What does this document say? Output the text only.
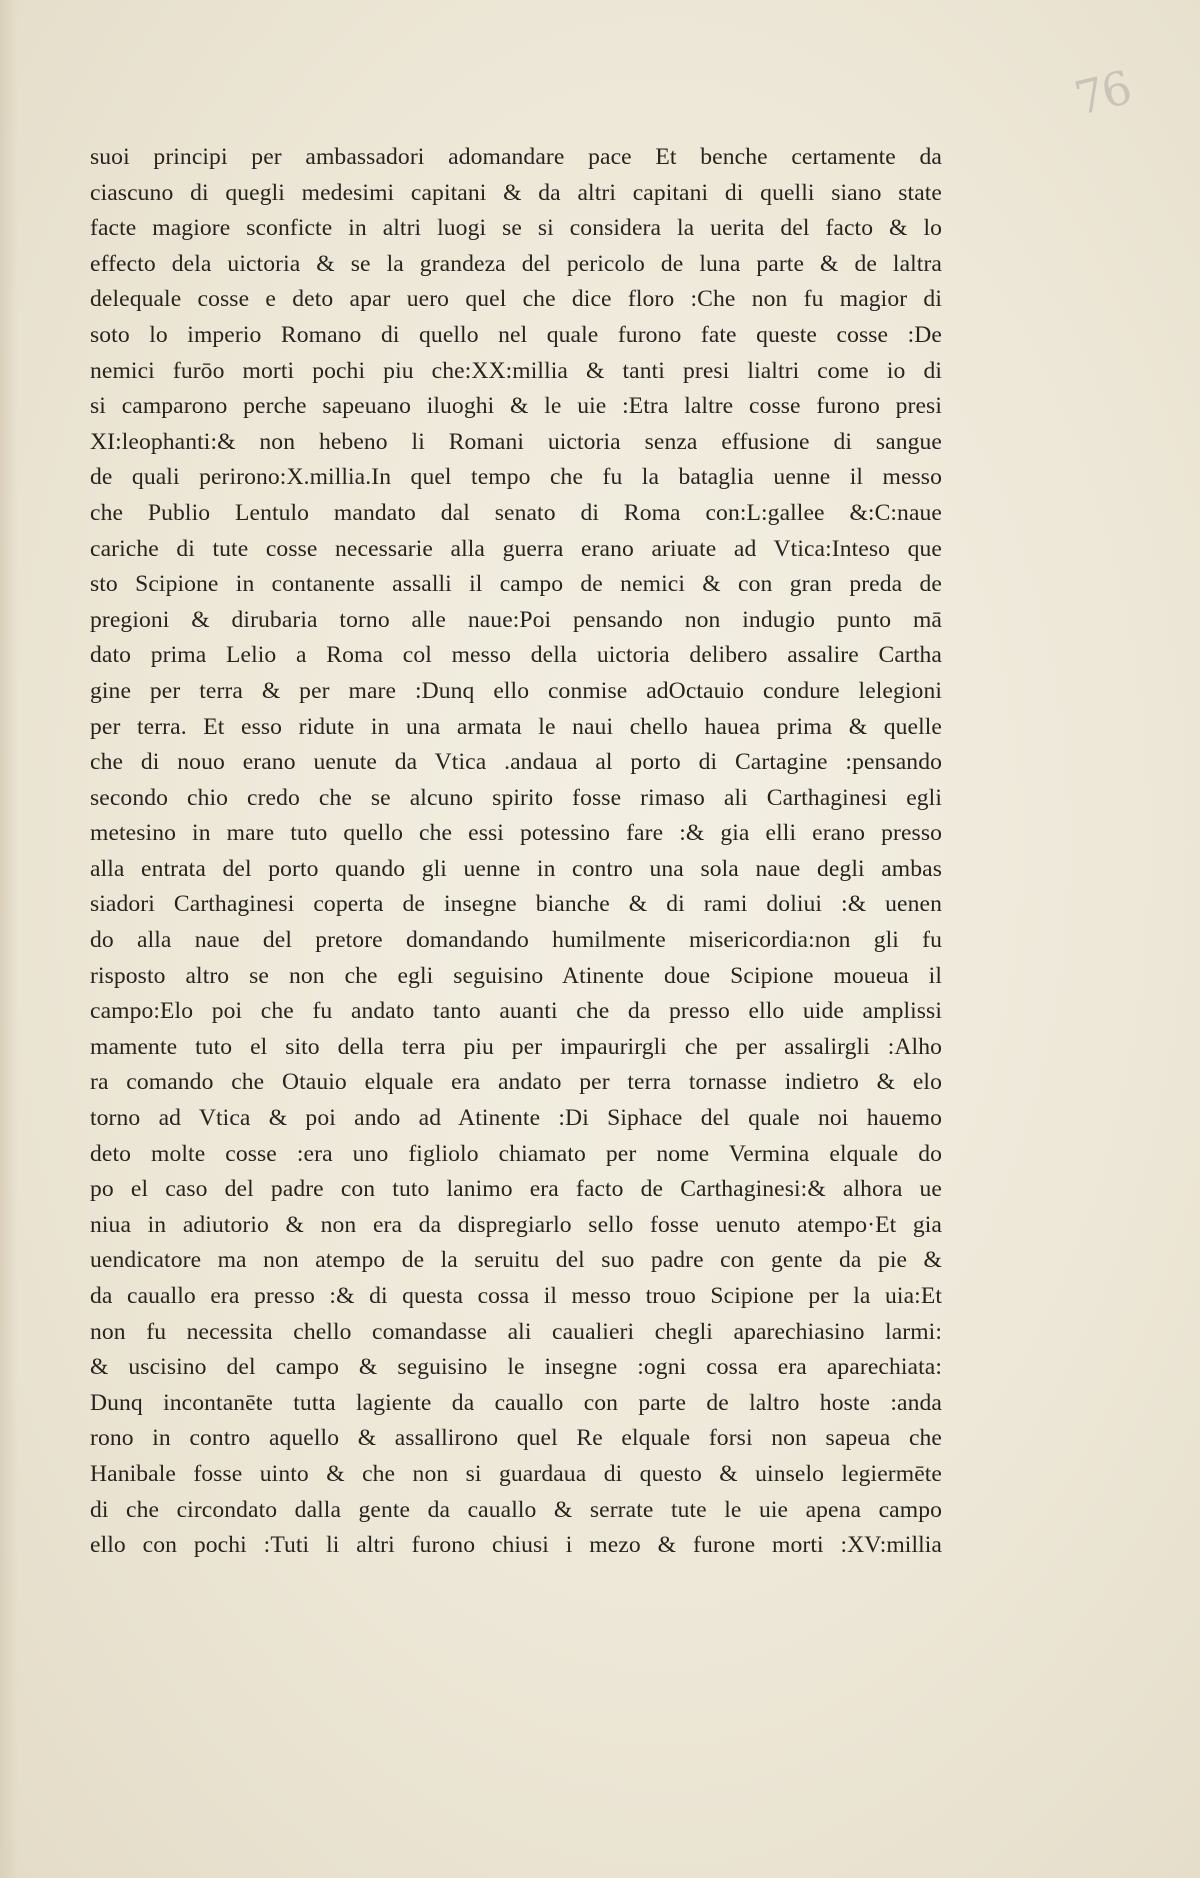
76
suoi principi per ambassadori adomandare pace Et benche certamente da
ciascuno di quegli medesimi capitani & da altri capitani di quelli siano state
facte magiore sconficte in altri luogi se si considera la uerita del facto & lo
effecto dela uictoria & se la grandeza del pericolo de luna parte & de laltra
delequale cosse e deto apar uero quel che dice floro :Che non fu magior di
soto lo imperio Romano di quello nel quale furono fate queste cosse :De
nemici furōo morti pochi piu che:XX:millia & tanti presi lialtri come io di
si camparono perche sapeuano iluoghi & le uie :Etra laltre cosse furono presi
XI:leophanti:& non hebeno li Romani uictoria senza effusione di sangue
de quali perirono:X.millia.In quel tempo che fu la bataglia uenne il messo
che Publio Lentulo mandato dal senato di Roma con:L:gallee &:C:naue
cariche di tute cosse necessarie alla guerra erano ariuate ad Vtica:Inteso que
sto Scipione in contanente assalli il campo de nemici & con gran preda de
pregioni & dirubaria torno alle naue:Poi pensando non indugio punto mā
dato prima Lelio a Roma col messo della uictoria delibero assalire Cartha
gine per terra & per mare :Dunq ello conmise adOctauio condure lelegioni
per terra. Et esso ridute in una armata le naui chello hauea prima & quelle
che di nouo erano uenute da Vtica .andaua al porto di Cartagine :pensando
secondo chio credo che se alcuno spirito fosse rimaso ali Carthaginesi egli
metesino in mare tuto quello che essi potessino fare :& gia elli erano presso
alla entrata del porto quando gli uenne in contro una sola naue degli ambas
siadori Carthaginesi coperta de insegne bianche & di rami doliui :& uenen
do alla naue del pretore domandando humilmente misericordia:non gli fu
risposto altro se non che egli seguisino Atinente doue Scipione moueua il
campo:Elo poi che fu andato tanto auanti che da presso ello uide amplissi
mamente tuto el sito della terra piu per impaurirgli che per assalirgli :Alho
ra comando che Otauio elquale era andato per terra tornasse indietro & elo
torno ad Vtica & poi ando ad Atinente :Di Siphace del quale noi hauemo
deto molte cosse :era uno figliolo chiamato per nome Vermina elquale do
po el caso del padre con tuto lanimo era facto de Carthaginesi:& alhora ue
niua in adiutorio & non era da dispregiarlo sello fosse uenuto atempo·Et gia
uendicatore ma non atempo de la seruitu del suo padre con gente da pie &
da cauallo era presso :& di questa cossa il messo trouo Scipione per la uia:Et
non fu necessita chello comandasse ali caualieri chegli aparechiasino larmi:
& uscisino del campo & seguisino le insegne :ogni cossa era aparechiata:
Dunq incontanēte tutta lagiente da cauallo con parte de laltro hoste :anda
rono in contro aquello & assallirono quel Re elquale forsi non sapeua che
Hanibale fosse uinto & che non si guardaua di questo & uinselo legiermēte
di che circondato dalla gente da cauallo & serrate tute le uie apena campo
ello con pochi :Tuti li altri furono chiusi i mezo & furone morti :XV:millia
